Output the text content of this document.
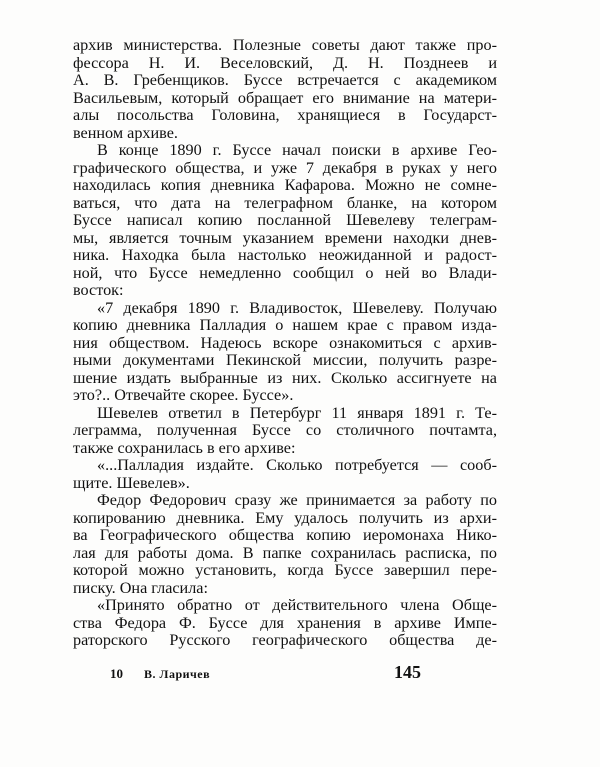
архив министерства. Полезные советы дают также про-
фессора Н. И. Веселовский, Д. Н. Позднеев и
А. В. Гребенщиков. Буссе встречается с академиком
Васильевым, который обращает его внимание на матери-
алы посольства Головина, хранящиеся в Государст-
венном архиве.
В конце 1890 г. Буссе начал поиски в архиве Гео-
графического общества, и уже 7 декабря в руках у него
находилась копия дневника Кафарова. Можно не сомне-
ваться, что дата на телеграфном бланке, на котором
Буссе написал копию посланной Шевелеву телеграм-
мы, является точным указанием времени находки днев-
ника. Находка была настолько неожиданной и радост-
ной, что Буссе немедленно сообщил о ней во Влади-
восток:
«7 декабря 1890 г. Владивосток, Шевелеву. Получаю
копию дневника Палладия о нашем крае с правом изда-
ния обществом. Надеюсь вскоре ознакомиться с архив-
ными документами Пекинской миссии, получить разре-
шение издать выбранные из них. Сколько ассигнуете на
это?.. Отвечайте скорее. Буссе».
Шевелев ответил в Петербург 11 января 1891 г. Те-
леграмма, полученная Буссе со столичного почтамта,
также сохранилась в его архиве:
«...Палладия издайте. Сколько потребуется — сооб-
щите. Шевелев».
Федор Федорович сразу же принимается за работу по
копированию дневника. Ему удалось получить из архи-
ва Географического общества копию иеромонаха Нико-
лая для работы дома. В папке сохранилась расписка, по
которой можно установить, когда Буссе завершил пере-
писку. Она гласила:
«Принято обратно от действительного члена Обще-
ства Федора Ф. Буссе для хранения в архиве Импе-
раторского Русского географического общества де-
10 В. Ларичев	145
